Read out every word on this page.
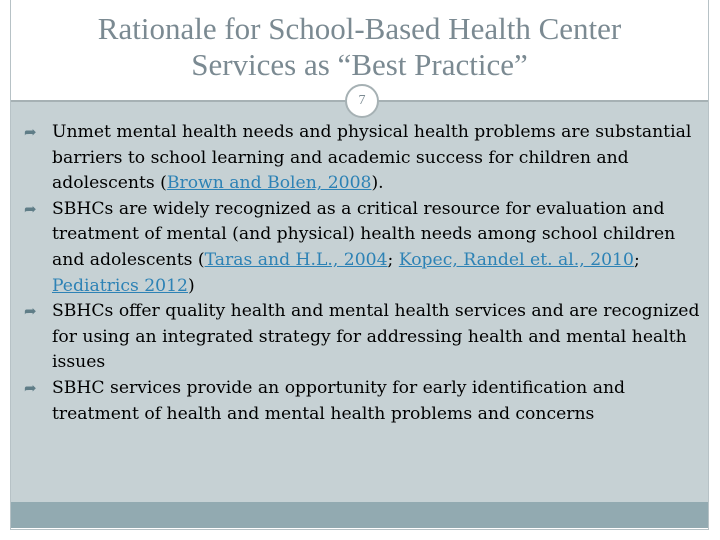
Rationale for School-Based Health Center
Services as “Best Practice”
7
➦ Unmet mental health needs and physical health problems are substantial barriers to school learning and academic success for children and adolescents (Brown and Bolen, 2008).
➦ SBHCs are widely recognized as a critical resource for evaluation and treatment of mental (and physical) health needs among school children and adolescents (Taras and H.L., 2004; Kopec, Randel et. al., 2010; Pediatrics 2012)
➦ SBHCs offer quality health and mental health services and are recognized for using an integrated strategy for addressing health and mental health issues
➦ SBHC services provide an opportunity for early identification and treatment of health and mental health problems and concerns
